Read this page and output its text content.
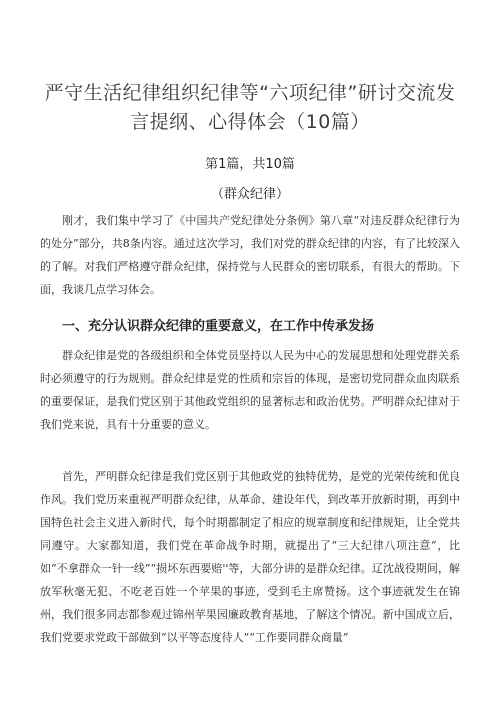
严守生活纪律组织纪律等“六项纪律”研讨交流发言提纲、心得体会（10篇）
第1篇，共10篇
（群众纪律）

刚才，我们集中学习了《中国共产党纪律处分条例》第八章“对违反群众纪律行为的处分”部分，共8条内容。通过这次学习，我们对党的群众纪律的内容，有了比较深入的了解。对我们严格遵守群众纪律，保持党与人民群众的密切联系，有很大的帮助。下面，我谈几点学习体会。

一、充分认识群众纪律的重要意义，在工作中传承发扬

群众纪律是党的各级组织和全体党员坚持以人民为中心的发展思想和处理党群关系时必须遵守的行为规则。群众纪律是党的性质和宗旨的体现，是密切党同群众血肉联系的重要保证，是我们党区别于其他政党组织的显著标志和政治优势。严明群众纪律对于我们党来说，具有十分重要的意义。

首先，严明群众纪律是我们党区别于其他政党的独特优势，是党的光荣传统和优良作风。我们党历来重视严明群众纪律，从革命、建设年代，到改革开放新时期，再到中国特色社会主义进入新时代，每个时期都制定了相应的规章制度和纪律规矩，让全党共同遵守。大家都知道，我们党在革命战争时期，就提出了“三大纪律八项注意”，比如“不拿群众一针一线”“损坏东西要赔''等，大部分讲的是群众纪律。辽沈战役期间，解放军秋毫无犯、不吃老百姓一个苹果的事迹，受到毛主席赞扬。这个事迹就发生在锦州，我们很多同志都参观过锦州苹果园廉政教育基地，了解这个情况。新中国成立后，我们党要求党政干部做到“以平等态度待人”“工作要同群众商量”
